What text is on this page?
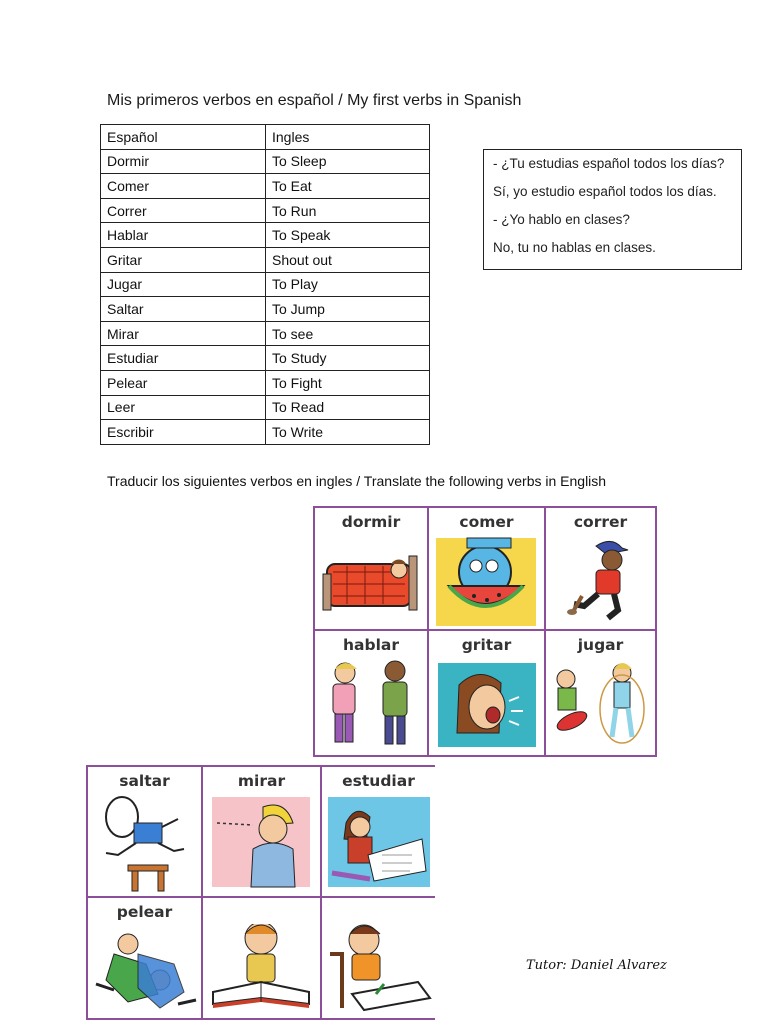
Mis primeros verbos en español / My first verbs in Spanish
Español	Ingles
Dormir	To Sleep
Comer	To Eat
Correr	To Run
Hablar	To Speak
Gritar	Shout out
Jugar	To Play
Saltar	To Jump
Mirar	To see
Estudiar	To Study
Pelear	To Fight
Leer	To Read
Escribir	To Write
- ¿Tu estudias español todos los días?
Sí, yo estudio español todos los días.
- ¿Yo hablo en clases?
No, tu no hablas en clases.
Traducir los siguientes verbos en ingles / Translate the following verbs in English
dormir	comer	correr
hablar	gritar	jugar
saltar	mirar	estudiar
pelear
Tutor: Daniel Alvarez
